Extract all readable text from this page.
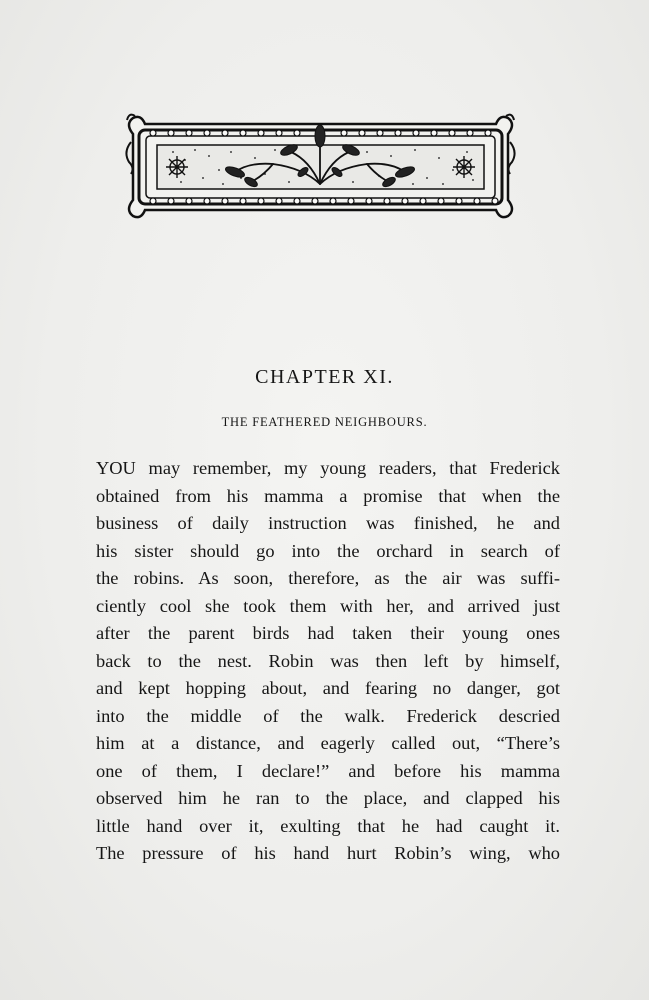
CHAPTER XI.
THE FEATHERED NEIGHBOURS.
YOU may remember, my young readers, that Frederick
obtained from his mamma a promise that when the
business of daily instruction was finished, he and
his sister should go into the orchard in search of
the robins. As soon, therefore, as the air was suffi-
ciently cool she took them with her, and arrived just
after the parent birds had taken their young ones
back to the nest. Robin was then left by himself,
and kept hopping about, and fearing no danger, got
into the middle of the walk. Frederick descried
him at a distance, and eagerly called out, “There’s
one of them, I declare!” and before his mamma
observed him he ran to the place, and clapped his
little hand over it, exulting that he had caught it.
The pressure of his hand hurt Robin’s wing, who
